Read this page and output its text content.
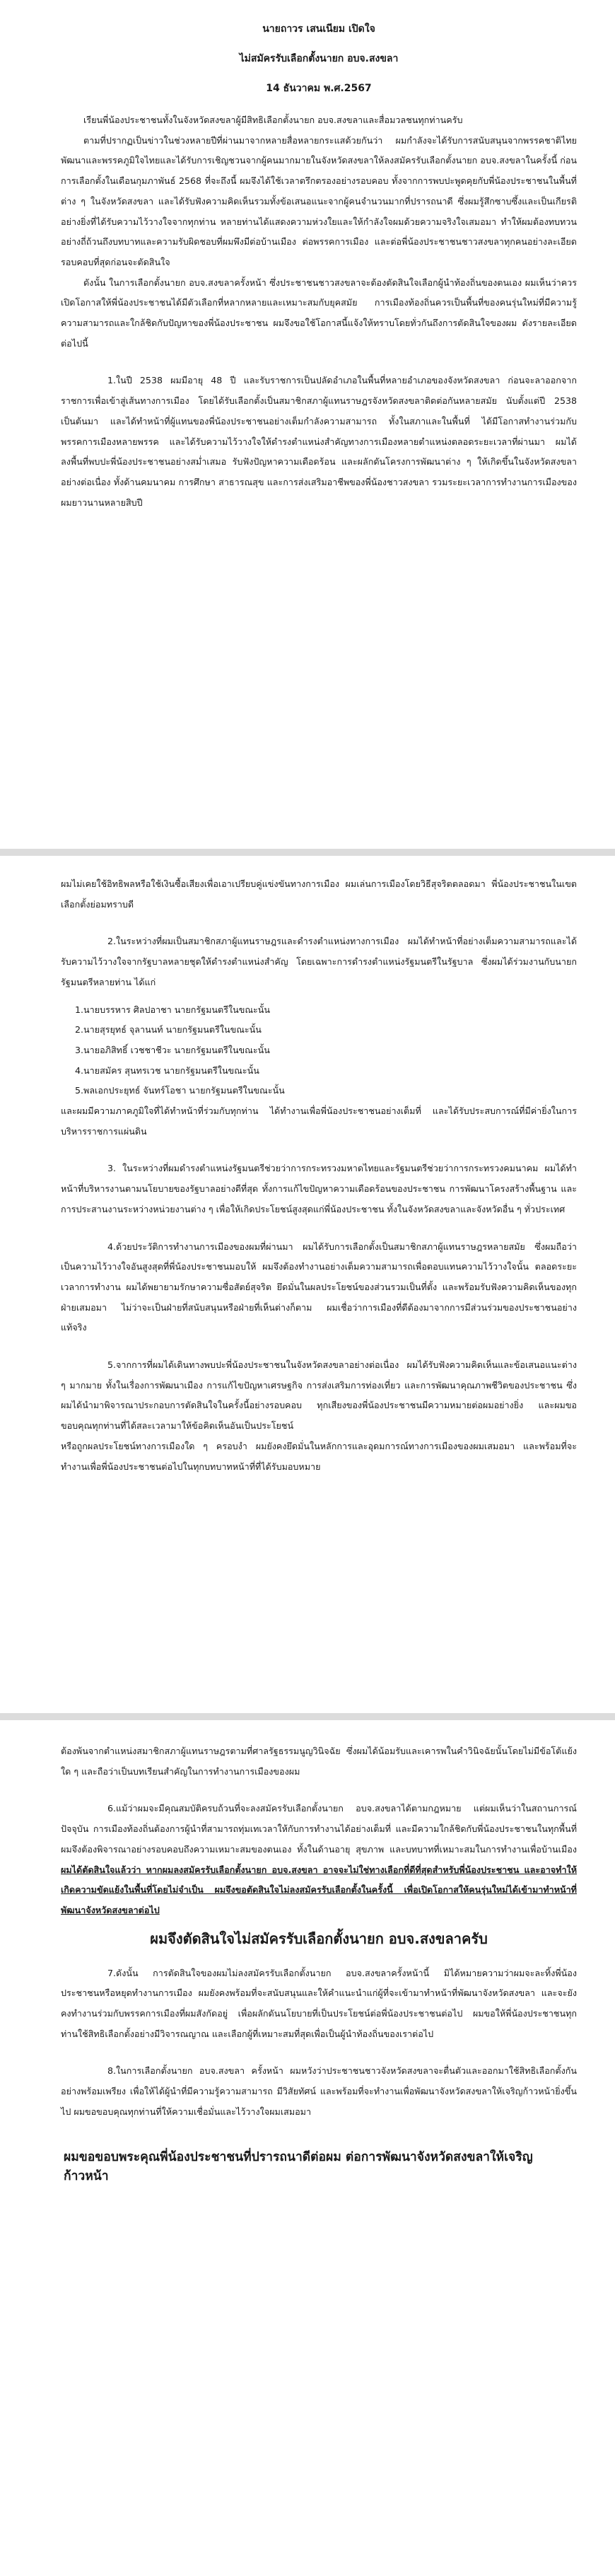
นายถาวร เสนเนียม เปิดใจ
ไม่สมัครรับเลือกตั้งนายก อบจ.สงขลา
14 ธันวาคม พ.ศ.2567

เรียนพี่น้องประชาชนทั้งในจังหวัดสงขลาผู้มีสิทธิเลือกตั้งนายก อบจ.สงขลาและสื่อมวลชนทุกท่านครับ

ตามที่ปรากฏเป็นข่าวในช่วงหลายปีที่ผ่านมาจากหลายสื่อหลายกระแสด้วยกันว่า ผมกำลังจะได้รับการสนับสนุนจากพรรคชาติไทยพัฒนาและพรรคภูมิใจไทยและได้รับการเชิญชวนจากผู้คนมากมายในจังหวัดสงขลาให้ลงสมัครรับเลือกตั้งนายก อบจ.สงขลาในครั้งนี้ ก่อนการเลือกตั้งในเดือนกุมภาพันธ์ 2568 ที่จะถึงนี้ ผมจึงได้ใช้เวลาตรึกตรองอย่างรอบคอบ ทั้งจากการพบปะพูดคุยกับพี่น้องประชาชนในพื้นที่ต่าง ๆ ในจังหวัดสงขลา และได้รับฟังความคิดเห็นรวมทั้งข้อเสนอแนะจากผู้คนจำนวนมากที่ปรารถนาดี ซึ่งผมรู้สึกซาบซึ้งและเป็นเกียรติอย่างยิ่งที่ได้รับความไว้วางใจจากทุกท่าน หลายท่านได้แสดงความห่วงใยและให้กำลังใจผมด้วยความจริงใจเสมอมา ทำให้ผมต้องทบทวนอย่างถี่ถ้วนถึงบทบาทและความรับผิดชอบที่ผมพึงมีต่อบ้านเมือง ต่อพรรคการเมือง และต่อพี่น้องประชาชนชาวสงขลาทุกคนอย่างละเอียดรอบคอบที่สุดก่อนจะตัดสินใจ

ดังนั้น ในการเลือกตั้งนายก อบจ.สงขลาครั้งหน้า ซึ่งประชาชนชาวสงขลาจะต้องตัดสินใจเลือกผู้นำท้องถิ่นของตนเอง ผมเห็นว่าควรเปิดโอกาสให้พี่น้องประชาชนได้มีตัวเลือกที่หลากหลายและเหมาะสมกับยุคสมัย การเมืองท้องถิ่นควรเป็นพื้นที่ของคนรุ่นใหม่ที่มีความรู้ความสามารถและใกล้ชิดกับปัญหาของพี่น้องประชาชน ผมจึงขอใช้โอกาสนี้แจ้งให้ทราบโดยทั่วกันถึงการตัดสินใจของผม ดังรายละเอียดต่อไปนี้

1.ในปี 2538 ผมมีอายุ 48 ปี และรับราชการเป็นปลัดอำเภอในพื้นที่หลายอำเภอของจังหวัดสงขลา ก่อนจะลาออกจากราชการเพื่อเข้าสู่เส้นทางการเมือง โดยได้รับเลือกตั้งเป็นสมาชิกสภาผู้แทนราษฎรจังหวัดสงขลาติดต่อกันหลายสมัย นับตั้งแต่ปี 2538 เป็นต้นมา และได้ทำหน้าที่ผู้แทนของพี่น้องประชาชนอย่างเต็มกำลังความสามารถ ทั้งในสภาและในพื้นที่ ได้มีโอกาสทำงานร่วมกับพรรคการเมืองหลายพรรค และได้รับความไว้วางใจให้ดำรงตำแหน่งสำคัญทางการเมืองหลายตำแหน่งตลอดระยะเวลาที่ผ่านมา ผมได้ลงพื้นที่พบปะพี่น้องประชาชนอย่างสม่ำเสมอ รับฟังปัญหาความเดือดร้อน และผลักดันโครงการพัฒนาต่าง ๆ ให้เกิดขึ้นในจังหวัดสงขลาอย่างต่อเนื่อง ทั้งด้านคมนาคม การศึกษา สาธารณสุข และการส่งเสริมอาชีพของพี่น้องชาวสงขลา รวมระยะเวลาการทำงานการเมืองของผมยาวนานหลายสิบปี

ผมไม่เคยใช้อิทธิพลหรือใช้เงินซื้อเสียงเพื่อเอาเปรียบคู่แข่งขันทางการเมือง ผมเล่นการเมืองโดยวิธีสุจริตตลอดมา พี่น้องประชาชนในเขตเลือกตั้งย่อมทราบดี

2.ในระหว่างที่ผมเป็นสมาชิกสภาผู้แทนราษฎรและดำรงตำแหน่งทางการเมือง ผมได้ทำหน้าที่อย่างเต็มความสามารถและได้รับความไว้วางใจจากรัฐบาลหลายชุดให้ดำรงตำแหน่งสำคัญ โดยเฉพาะการดำรงตำแหน่งรัฐมนตรีในรัฐบาล ซึ่งผมได้ร่วมงานกับนายกรัฐมนตรีหลายท่าน ได้แก่

1.นายบรรหาร ศิลปอาชา นายกรัฐมนตรีในขณะนั้น

2.นายสุรยุทธ์ จุลานนท์ นายกรัฐมนตรีในขณะนั้น

3.นายอภิสิทธิ์ เวชชาชีวะ นายกรัฐมนตรีในขณะนั้น

4.นายสมัคร สุนทรเวช นายกรัฐมนตรีในขณะนั้น

5.พลเอกประยุทธ์ จันทร์โอชา นายกรัฐมนตรีในขณะนั้น

และผมมีความภาคภูมิใจที่ได้ทำหน้าที่ร่วมกับทุกท่าน ได้ทำงานเพื่อพี่น้องประชาชนอย่างเต็มที่ และได้รับประสบการณ์ที่มีค่ายิ่งในการบริหารราชการแผ่นดิน

3. ในระหว่างที่ผมดำรงตำแหน่งรัฐมนตรีช่วยว่าการกระทรวงมหาดไทยและรัฐมนตรีช่วยว่าการกระทรวงคมนาคม ผมได้ทำหน้าที่บริหารงานตามนโยบายของรัฐบาลอย่างดีที่สุด ทั้งการแก้ไขปัญหาความเดือดร้อนของประชาชน การพัฒนาโครงสร้างพื้นฐาน และการประสานงานระหว่างหน่วยงานต่าง ๆ เพื่อให้เกิดประโยชน์สูงสุดแก่พี่น้องประชาชน ทั้งในจังหวัดสงขลาและจังหวัดอื่น ๆ ทั่วประเทศ

4.ด้วยประวัติการทำงานการเมืองของผมที่ผ่านมา ผมได้รับการเลือกตั้งเป็นสมาชิกสภาผู้แทนราษฎรหลายสมัย ซึ่งผมถือว่าเป็นความไว้วางใจอันสูงสุดที่พี่น้องประชาชนมอบให้ ผมจึงต้องทำงานอย่างเต็มความสามารถเพื่อตอบแทนความไว้วางใจนั้น ตลอดระยะเวลาการทำงาน ผมได้พยายามรักษาความซื่อสัตย์สุจริต ยึดมั่นในผลประโยชน์ของส่วนรวมเป็นที่ตั้ง และพร้อมรับฟังความคิดเห็นของทุกฝ่ายเสมอมา ไม่ว่าจะเป็นฝ่ายที่สนับสนุนหรือฝ่ายที่เห็นต่างก็ตาม ผมเชื่อว่าการเมืองที่ดีต้องมาจากการมีส่วนร่วมของประชาชนอย่างแท้จริง

5.จากการที่ผมได้เดินทางพบปะพี่น้องประชาชนในจังหวัดสงขลาอย่างต่อเนื่อง ผมได้รับฟังความคิดเห็นและข้อเสนอแนะต่าง ๆ มากมาย ทั้งในเรื่องการพัฒนาเมือง การแก้ไขปัญหาเศรษฐกิจ การส่งเสริมการท่องเที่ยว และการพัฒนาคุณภาพชีวิตของประชาชน ซึ่งผมได้นำมาพิจารณาประกอบการตัดสินใจในครั้งนี้อย่างรอบคอบ ทุกเสียงของพี่น้องประชาชนมีความหมายต่อผมอย่างยิ่ง และผมขอขอบคุณทุกท่านที่ได้สละเวลามาให้ข้อคิดเห็นอันเป็นประโยชน์

หรือถูกผลประโยชน์ทางการเมืองใด ๆ ครอบงำ ผมยังคงยึดมั่นในหลักการและอุดมการณ์ทางการเมืองของผมเสมอมา และพร้อมที่จะทำงานเพื่อพี่น้องประชาชนต่อไปในทุกบทบาทหน้าที่ที่ได้รับมอบหมาย

ต้องพ้นจากตำแหน่งสมาชิกสภาผู้แทนราษฎรตามที่ศาลรัฐธรรมนูญวินิจฉัย ซึ่งผมได้น้อมรับและเคารพในคำวินิจฉัยนั้นโดยไม่มีข้อโต้แย้งใด ๆ และถือว่าเป็นบทเรียนสำคัญในการทำงานการเมืองของผม

6.แม้ว่าผมจะมีคุณสมบัติครบถ้วนที่จะลงสมัครรับเลือกตั้งนายก อบจ.สงขลาได้ตามกฎหมาย แต่ผมเห็นว่าในสถานการณ์ปัจจุบัน การเมืองท้องถิ่นต้องการผู้นำที่สามารถทุ่มเทเวลาให้กับการทำงานได้อย่างเต็มที่ และมีความใกล้ชิดกับพี่น้องประชาชนในทุกพื้นที่ ผมจึงต้องพิจารณาอย่างรอบคอบถึงความเหมาะสมของตนเอง ทั้งในด้านอายุ สุขภาพ และบทบาทที่เหมาะสมในการทำงานเพื่อบ้านเมือง ผมได้ตัดสินใจแล้วว่า หากผมลงสมัครรับเลือกตั้งนายก อบจ.สงขลา อาจจะไม่ใช่ทางเลือกที่ดีที่สุดสำหรับพี่น้องประชาชน และอาจทำให้เกิดความขัดแย้งในพื้นที่โดยไม่จำเป็น ผมจึงขอตัดสินใจไม่ลงสมัครรับเลือกตั้งในครั้งนี้ เพื่อเปิดโอกาสให้คนรุ่นใหม่ได้เข้ามาทำหน้าที่พัฒนาจังหวัดสงขลาต่อไป

ผมจึงตัดสินใจไม่สมัครรับเลือกตั้งนายก อบจ.สงขลาครับ

7.ดังนั้น การตัดสินใจของผมไม่ลงสมัครรับเลือกตั้งนายก อบจ.สงขลาครั้งหน้านี้ มิได้หมายความว่าผมจะละทิ้งพี่น้องประชาชนหรือหยุดทำงานการเมือง ผมยังคงพร้อมที่จะสนับสนุนและให้คำแนะนำแก่ผู้ที่จะเข้ามาทำหน้าที่พัฒนาจังหวัดสงขลา และจะยังคงทำงานร่วมกับพรรคการเมืองที่ผมสังกัดอยู่ เพื่อผลักดันนโยบายที่เป็นประโยชน์ต่อพี่น้องประชาชนต่อไป ผมขอให้พี่น้องประชาชนทุกท่านใช้สิทธิเลือกตั้งอย่างมีวิจารณญาณ และเลือกผู้ที่เหมาะสมที่สุดเพื่อเป็นผู้นำท้องถิ่นของเราต่อไป

8.ในการเลือกตั้งนายก อบจ.สงขลา ครั้งหน้า ผมหวังว่าประชาชนชาวจังหวัดสงขลาจะตื่นตัวและออกมาใช้สิทธิเลือกตั้งกันอย่างพร้อมเพรียง เพื่อให้ได้ผู้นำที่มีความรู้ความสามารถ มีวิสัยทัศน์ และพร้อมที่จะทำงานเพื่อพัฒนาจังหวัดสงขลาให้เจริญก้าวหน้ายิ่งขึ้นไป ผมขอขอบคุณทุกท่านที่ให้ความเชื่อมั่นและไว้วางใจผมเสมอมา

ผมขอขอบพระคุณพี่น้องประชาชนที่ปรารถนาดีต่อผม ต่อการพัฒนาจังหวัดสงขลาให้เจริญก้าวหน้า
